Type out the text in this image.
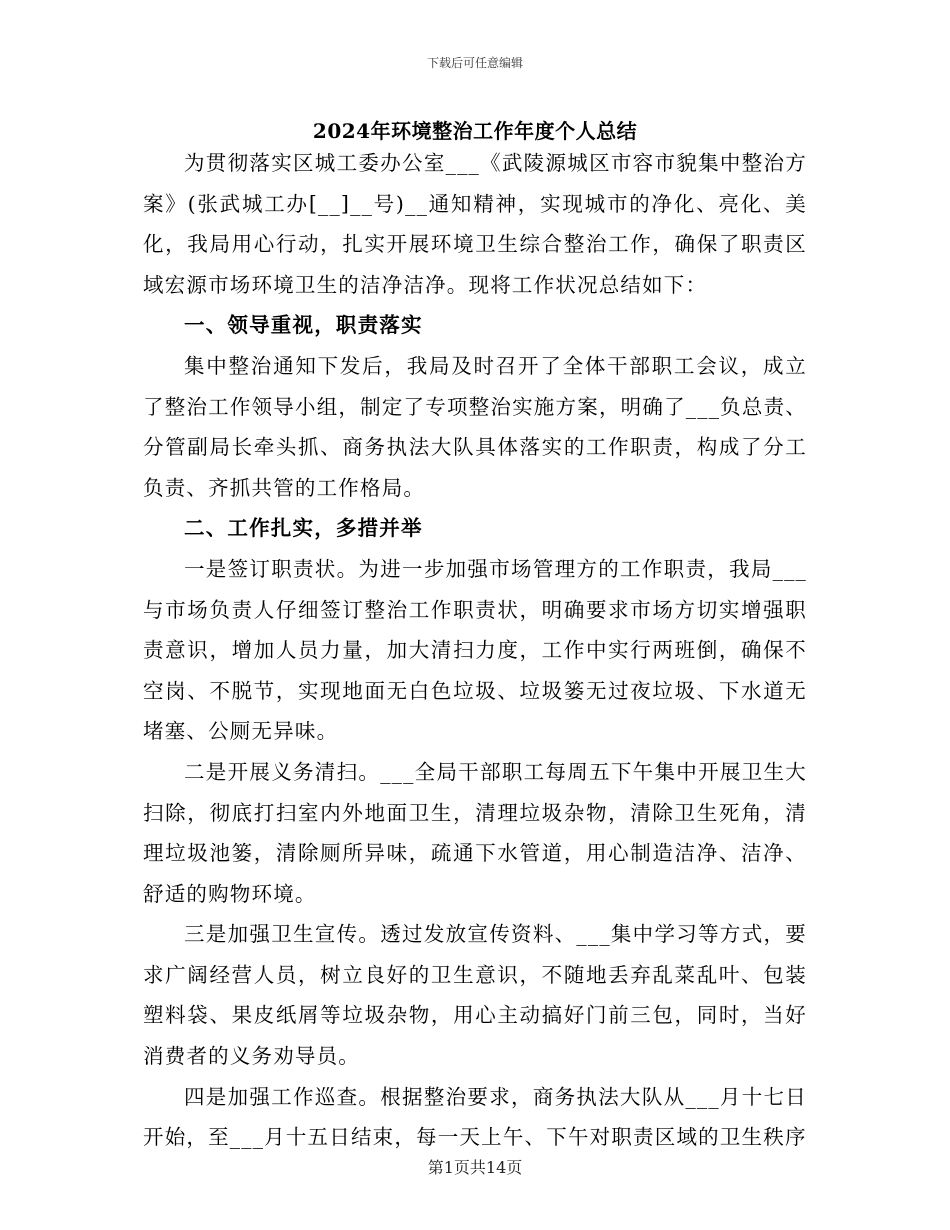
下载后可任意编辑
2024年环境整治工作年度个人总结

为贯彻落实区城工委办公室___《武陵源城区市容市貌集中整治方案》(张武城工办[__]__号)__通知精神，实现城市的净化、亮化、美化，我局用心行动，扎实开展环境卫生综合整治工作，确保了职责区域宏源市场环境卫生的洁净洁净。现将工作状况总结如下：

一、领导重视，职责落实

集中整治通知下发后，我局及时召开了全体干部职工会议，成立了整治工作领导小组，制定了专项整治实施方案，明确了___负总责、分管副局长牵头抓、商务执法大队具体落实的工作职责，构成了分工负责、齐抓共管的工作格局。

二、工作扎实，多措并举

一是签订职责状。为进一步加强市场管理方的工作职责，我局___与市场负责人仔细签订整治工作职责状，明确要求市场方切实增强职责意识，增加人员力量，加大清扫力度，工作中实行两班倒，确保不空岗、不脱节，实现地面无白色垃圾、垃圾篓无过夜垃圾、下水道无堵塞、公厕无异味。

二是开展义务清扫。___全局干部职工每周五下午集中开展卫生大扫除，彻底打扫室内外地面卫生，清理垃圾杂物，清除卫生死角，清理垃圾池篓，清除厕所异味，疏通下水管道，用心制造洁净、洁净、舒适的购物环境。

三是加强卫生宣传。透过发放宣传资料、___集中学习等方式，要求广阔经营人员，树立良好的卫生意识，不随地丢弃乱菜乱叶、包装塑料袋、果皮纸屑等垃圾杂物，用心主动搞好门前三包，同时，当好消费者的义务劝导员。

四是加强工作巡查。根据整治要求，商务执法大队从___月十七日开始，至___月十五日结束，每一天上午、下午对职责区域的卫生秩序

第1页共14页
